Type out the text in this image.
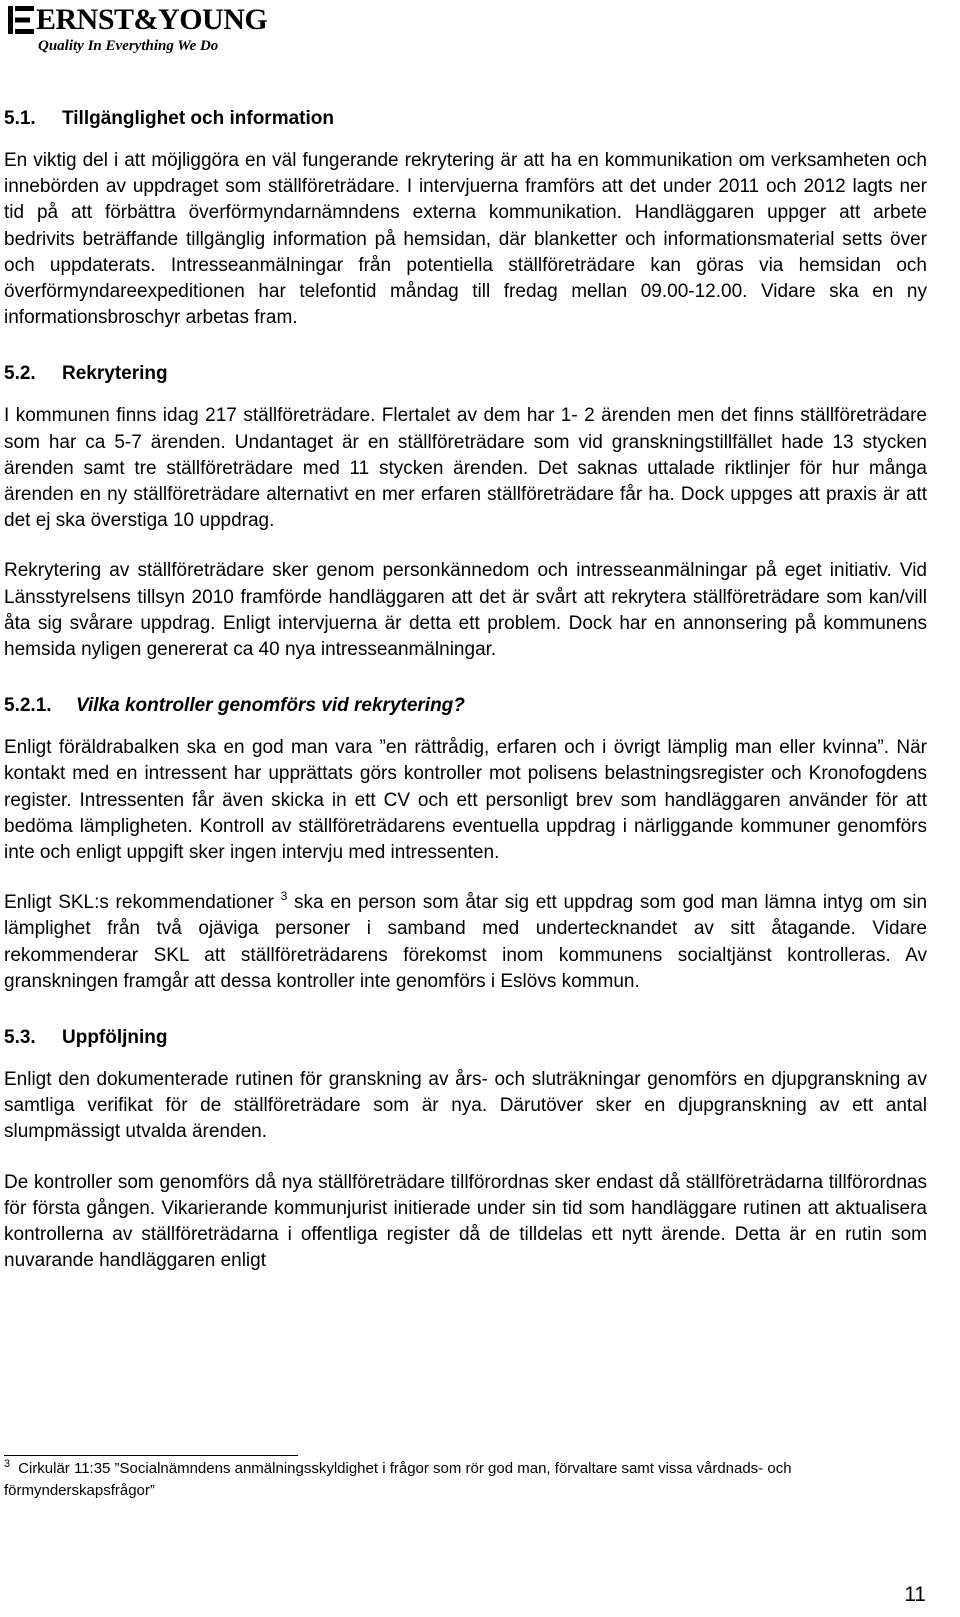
ERNST&YOUNG
Quality In Everything We Do
5.1. Tillgänglighet och information

En viktig del i att möjliggöra en väl fungerande rekrytering är att ha en kommunikation om verksamheten och innebörden av uppdraget som ställföreträdare. I intervjuerna framförs att det under 2011 och 2012 lagts ner tid på att förbättra överförmyndarnämndens externa kommunikation. Handläggaren uppger att arbete bedrivits beträffande tillgänglig information på hemsidan, där blanketter och informationsmaterial setts över och uppdaterats. Intresseanmälningar från potentiella ställföreträdare kan göras via hemsidan och överförmyndareexpeditionen har telefontid måndag till fredag mellan 09.00-12.00. Vidare ska en ny informationsbroschyr arbetas fram.

5.2. Rekrytering

I kommunen finns idag 217 ställföreträdare. Flertalet av dem har 1- 2 ärenden men det finns ställföreträdare som har ca 5-7 ärenden. Undantaget är en ställföreträdare som vid granskningstillfället hade 13 stycken ärenden samt tre ställföreträdare med 11 stycken ärenden. Det saknas uttalade riktlinjer för hur många ärenden en ny ställföreträdare alternativt en mer erfaren ställföreträdare får ha. Dock uppges att praxis är att det ej ska överstiga 10 uppdrag.

Rekrytering av ställföreträdare sker genom personkännedom och intresseanmälningar på eget initiativ. Vid Länsstyrelsens tillsyn 2010 framförde handläggaren att det är svårt att rekrytera ställföreträdare som kan/vill åta sig svårare uppdrag. Enligt intervjuerna är detta ett problem. Dock har en annonsering på kommunens hemsida nyligen genererat ca 40 nya intresseanmälningar.

5.2.1. Vilka kontroller genomförs vid rekrytering?

Enligt föräldrabalken ska en god man vara ”en rättrådig, erfaren och i övrigt lämplig man eller kvinna”. När kontakt med en intressent har upprättats görs kontroller mot polisens belastningsregister och Kronofogdens register. Intressenten får även skicka in ett CV och ett personligt brev som handläggaren använder för att bedöma lämpligheten. Kontroll av ställföreträdarens eventuella uppdrag i närliggande kommuner genomförs inte och enligt uppgift sker ingen intervju med intressenten.

Enligt SKL:s rekommendationer $^3$ ska en person som åtar sig ett uppdrag som god man lämna intyg om sin lämplighet från två ojäviga personer i samband med undertecknandet av sitt åtagande. Vidare rekommenderar SKL att ställföreträdarens förekomst inom kommunens socialtjänst kontrolleras. Av granskningen framgår att dessa kontroller inte genomförs i Eslövs kommun.

5.3. Uppföljning

Enligt den dokumenterade rutinen för granskning av års- och sluträkningar genomförs en djupgranskning av samtliga verifikat för de ställföreträdare som är nya. Därutöver sker en djupgranskning av ett antal slumpmässigt utvalda ärenden.

De kontroller som genomförs då nya ställföreträdare tillförordnas sker endast då ställföreträdarna tillförordnas för första gången. Vikarierande kommunjurist initierade under sin tid som handläggare rutinen att aktualisera kontrollerna av ställföreträdarna i offentliga register då de tilldelas ett nytt ärende. Detta är en rutin som nuvarande handläggaren enligt

$^3$ Cirkulär 11:35 ”Socialnämndens anmälningsskyldighet i frågor som rör god man, förvaltare samt vissa vårdnads- och förmynderskapsfrågor”
11
